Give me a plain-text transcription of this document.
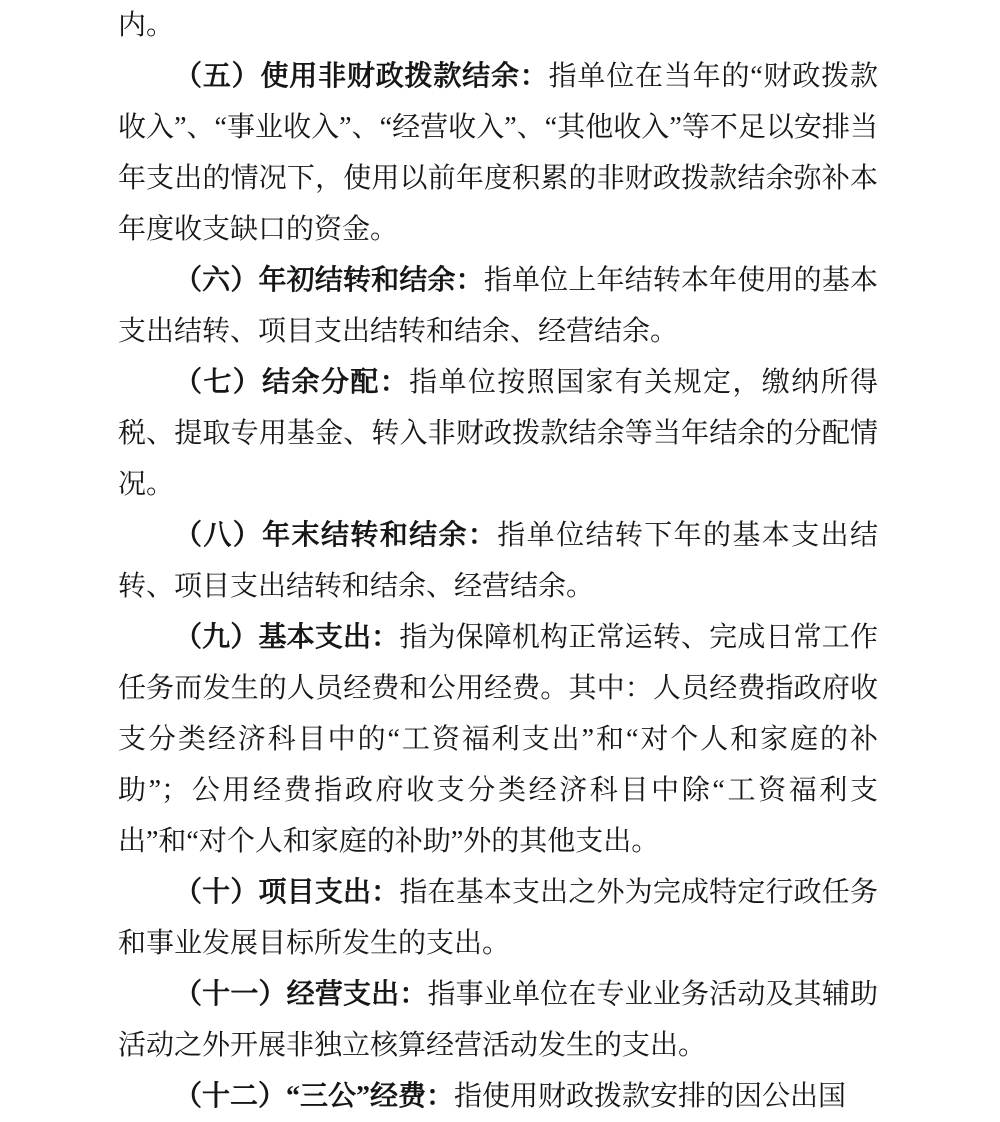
内。

（五）使用非财政拨款结余：指单位在当年的“财政拨款收入”、“事业收入”、“经营收入”、“其他收入”等不足以安排当年支出的情况下，使用以前年度积累的非财政拨款结余弥补本年度收支缺口的资金。

（六）年初结转和结余：指单位上年结转本年使用的基本支出结转、项目支出结转和结余、经营结余。

（七）结余分配：指单位按照国家有关规定，缴纳所得税、提取专用基金、转入非财政拨款结余等当年结余的分配情况。

（八）年末结转和结余：指单位结转下年的基本支出结转、项目支出结转和结余、经营结余。

（九）基本支出：指为保障机构正常运转、完成日常工作任务而发生的人员经费和公用经费。其中：人员经费指政府收支分类经济科目中的“工资福利支出”和“对个人和家庭的补助”；公用经费指政府收支分类经济科目中除“工资福利支出”和“对个人和家庭的补助”外的其他支出。

（十）项目支出：指在基本支出之外为完成特定行政任务和事业发展目标所发生的支出。

（十一）经营支出：指事业单位在专业业务活动及其辅助活动之外开展非独立核算经营活动发生的支出。

（十二）“三公”经费：指使用财政拨款安排的因公出国
